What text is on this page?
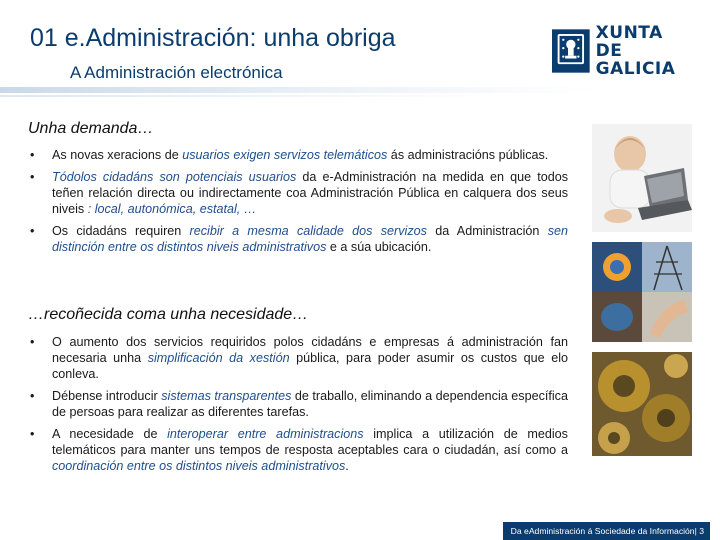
01 e.Administración: unha obriga
A Administración electrónica
XUNTA
DE GALICIA
Unha demanda…
• As novas xeracions de usuarios exigen servizos telemáticos ás administracións públicas.
• Tódolos cidadáns son potenciais usuarios da e-Administración na medida en que todos teñen relación directa ou indirectamente coa Administración Pública en calquera dos seus niveis : local, autonómica, estatal, …
• Os cidadáns requiren recibir a mesma calidade dos servizos da Administración sen distinción entre os distintos niveis administrativos e a súa ubicación.
…recoñecida coma unha necesidade…
• O aumento dos servicios requiridos polos cidadáns e empresas á administración fan necesaria unha simplificación da xestión pública, para poder asumir os custos que elo conleva.
• Débense introducir sistemas transparentes de traballo, eliminando a dependencia específica de persoas para realizar as diferentes tarefas.
• A necesidade de interoperar entre administracions implica a utilización de medios telemáticos para manter uns tempos de resposta aceptables cara o ciudadán, así como a coordinación entre os distintos niveis administrativos.
Da eAdministración á Sociedade da Información| 3
